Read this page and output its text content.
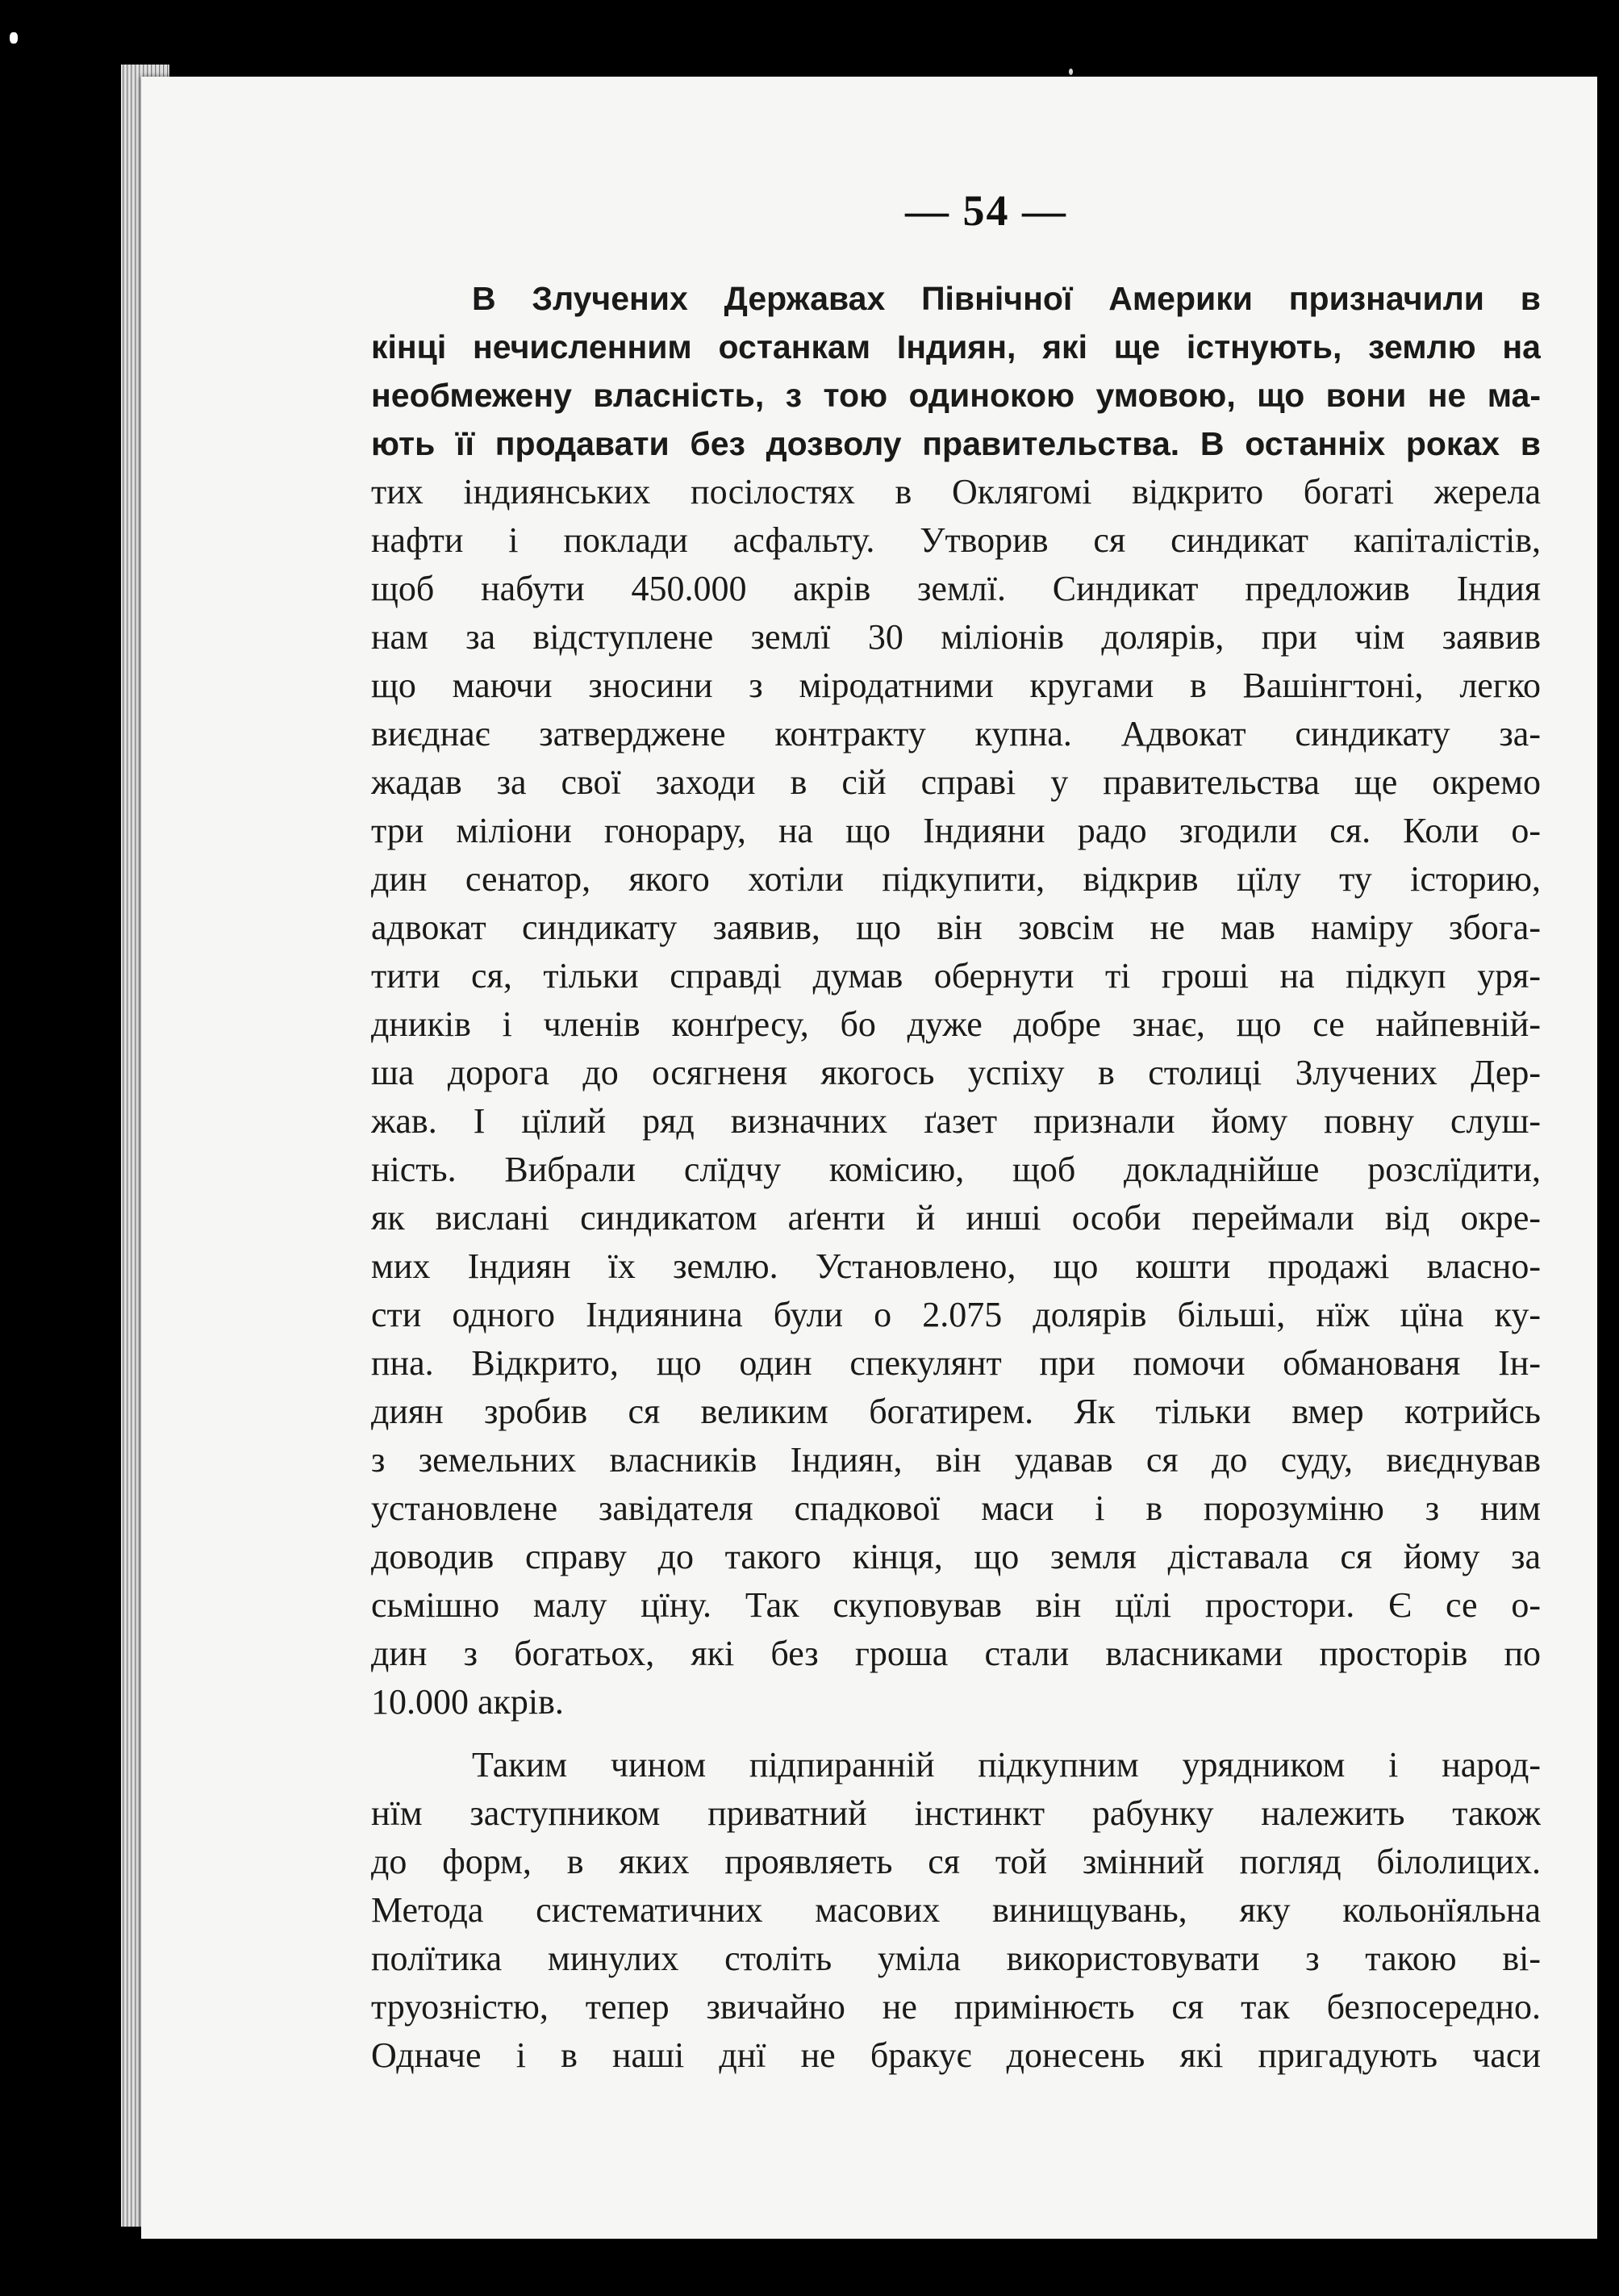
— 54 —
В Злучених Державах Північної Америки призначили в
кінці нечисленним останкам Індиян, які ще істнують, землю на
необмежену власність, з тою одинокою умовою, що вони не ма-
ють її продавати без дозволу правительства. В останніх роках в
тих індиянських посілостях в Оклягомі відкрито богаті жерела
нафти і поклади асфальту. Утворив ся синдикат капіталістів,
щоб набути 450.000 акрів землї. Синдикат предложив Індия
нам за відступлене землї 30 міліонів долярів, при чім заявив
що маючи зносини з міродатними кругами в Вашінгтоні, легко
виєднає затверджене контракту купна. Адвокат синдикату за-
жадав за свої заходи в сій справі у правительства ще окремо
три міліони гонорару, на що Індияни радо згодили ся. Коли о-
дин сенатор, якого хотіли підкупити, відкрив цїлу ту історию,
адвокат синдикату заявив, що він зовсім не мав наміру збога-
тити ся, тільки справді думав обернути ті гроші на підкуп уря-
дників і членів конґресу, бо дуже добре знає, що се найпевній-
ша дорога до осягненя якогось успіху в столиці Злучених Дер-
жав. І цїлий ряд визначних ґазет признали йому повну слуш-
ність. Вибрали слїдчу комісию, щоб докладнійше розслїдити,
як вислані синдикатом аґенти й инші особи переймали від окре-
мих Індиян їх землю. Установлено, що кошти продажі власно-
сти одного Індиянина були о 2.075 долярів більші, нїж цїна ку-
пна. Відкрито, що один спекулянт при помочи обманованя Ін-
диян зробив ся великим богатирем. Як тільки вмер котрийсь
з земельних власників Індиян, він удавав ся до суду, виєднував
установлене завідателя спадкової маси і в порозуміню з ним
доводив справу до такого кінця, що земля діставала ся йому за
сьмішно малу цїну. Так скуповував він цїлі простори. Є се о-
дин з богатьох, які без гроша стали власниками просторів по
10.000 акрів.
Таким чином підпиранній підкупним урядником і народ-
нїм заступником приватний інстинкт рабунку належить також
до форм, в яких проявляеть ся той змінний погляд білолицих.
Метода систематичних масових винищувань, яку кольонїяльна
полїтика минулих століть уміла використовувати з такою ві-
труозністю, тепер звичайно не примінюєть ся так безпосередно.
Одначе і в наші днї не бракує донесень які пригадують часи
